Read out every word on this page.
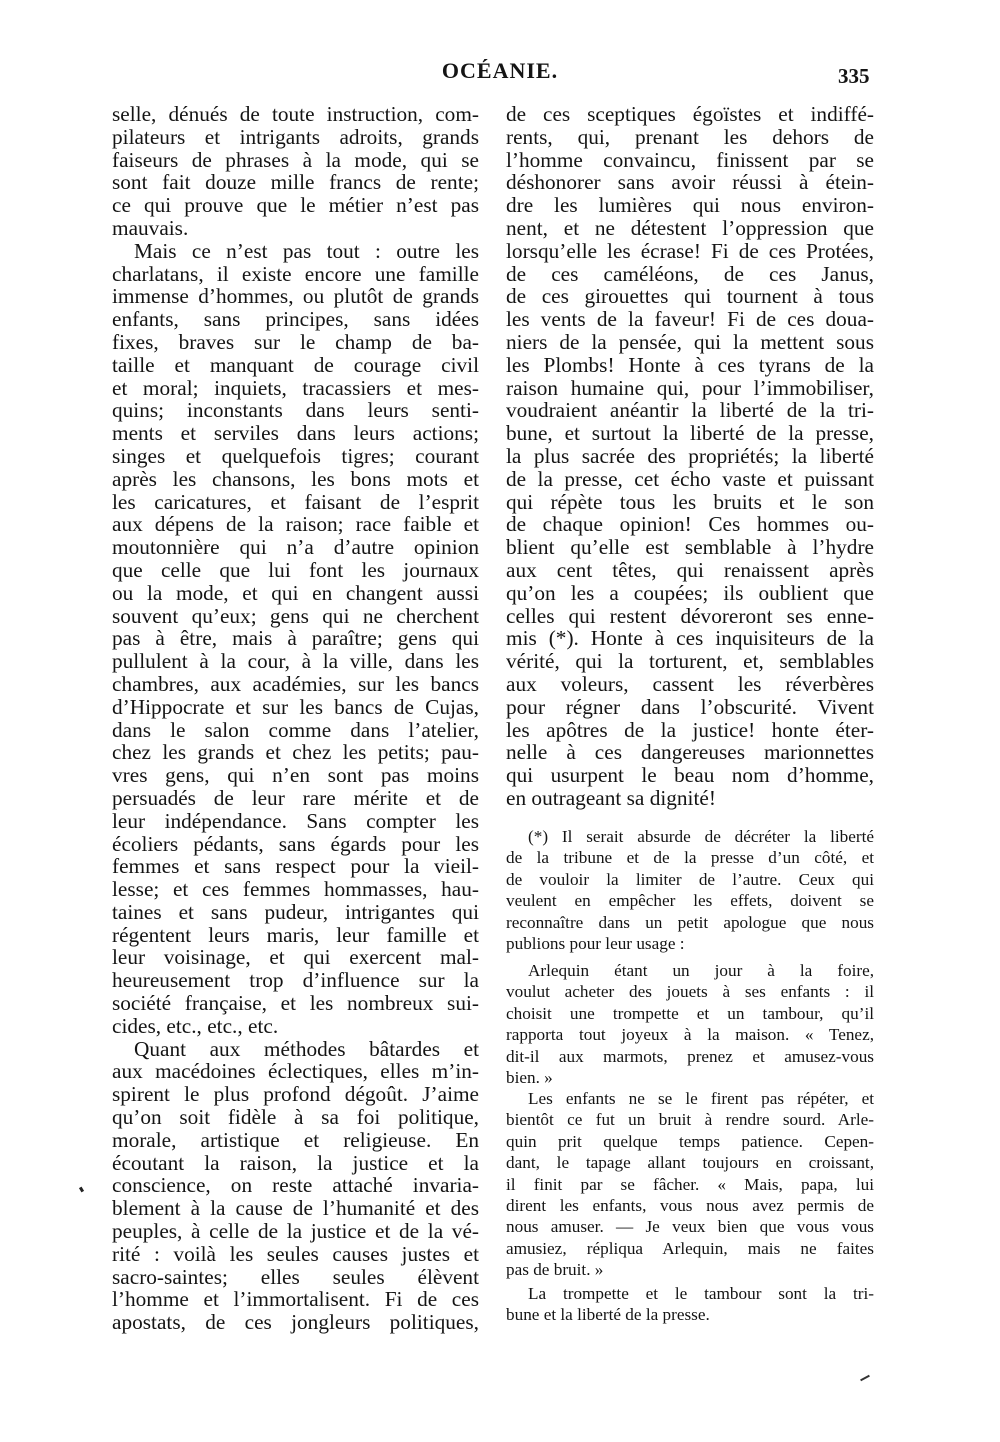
OCÉANIE.	335
selle, dénués de toute instruction, com-
pilateurs et intrigants adroits, grands
faiseurs de phrases à la mode, qui se
sont fait douze mille francs de rente;
ce qui prouve que le métier n’est pas
mauvais.
Mais ce n’est pas tout : outre les
charlatans, il existe encore une famille
immense d’hommes, ou plutôt de grands
enfants, sans principes, sans idées
fixes, braves sur le champ de ba-
taille et manquant de courage civil
et moral; inquiets, tracassiers et mes-
quins; inconstants dans leurs senti-
ments et serviles dans leurs actions;
singes et quelquefois tigres; courant
après les chansons, les bons mots et
les caricatures, et faisant de l’esprit
aux dépens de la raison; race faible et
moutonnière qui n’a d’autre opinion
que celle que lui font les journaux
ou la mode, et qui en changent aussi
souvent qu’eux; gens qui ne cherchent
pas à être, mais à paraître; gens qui
pullulent à la cour, à la ville, dans les
chambres, aux académies, sur les bancs
d’Hippocrate et sur les bancs de Cujas,
dans le salon comme dans l’atelier,
chez les grands et chez les petits; pau-
vres gens, qui n’en sont pas moins
persuadés de leur rare mérite et de
leur indépendance. Sans compter les
écoliers pédants, sans égards pour les
femmes et sans respect pour la vieil-
lesse; et ces femmes hommasses, hau-
taines et sans pudeur, intrigantes qui
régentent leurs maris, leur famille et
leur voisinage, et qui exercent mal-
heureusement trop d’influence sur la
société française, et les nombreux sui-
cides, etc., etc., etc.
Quant aux méthodes bâtardes et
aux macédoines éclectiques, elles m’in-
spirent le plus profond dégoût. J’aime
qu’on soit fidèle à sa foi politique,
morale, artistique et religieuse. En
écoutant la raison, la justice et la
conscience, on reste attaché invaria-
blement à la cause de l’humanité et des
peuples, à celle de la justice et de la vé-
rité : voilà les seules causes justes et
sacro-saintes; elles seules élèvent
l’homme et l’immortalisent. Fi de ces
apostats, de ces jongleurs politiques,
de ces sceptiques égoïstes et indiffé-
rents, qui, prenant les dehors de
l’homme convaincu, finissent par se
déshonorer sans avoir réussi à étein-
dre les lumières qui nous environ-
nent, et ne détestent l’oppression que
lorsqu’elle les écrase! Fi de ces Protées,
de ces caméléons, de ces Janus,
de ces girouettes qui tournent à tous
les vents de la faveur! Fi de ces doua-
niers de la pensée, qui la mettent sous
les Plombs! Honte à ces tyrans de la
raison humaine qui, pour l’immobiliser,
voudraient anéantir la liberté de la tri-
bune, et surtout la liberté de la presse,
la plus sacrée des propriétés; la liberté
de la presse, cet écho vaste et puissant
qui répète tous les bruits et le son
de chaque opinion! Ces hommes ou-
blient qu’elle est semblable à l’hydre
aux cent têtes, qui renaissent après
qu’on les a coupées; ils oublient que
celles qui restent dévoreront ses enne-
mis (*). Honte à ces inquisiteurs de la
vérité, qui la torturent, et, semblables
aux voleurs, cassent les réverbères
pour régner dans l’obscurité. Vivent
les apôtres de la justice! honte éter-
nelle à ces dangereuses marionnettes
qui usurpent le beau nom d’homme,
en outrageant sa dignité!
(*) Il serait absurde de décréter la liberté
de la tribune et de la presse d’un côté, et
de vouloir la limiter de l’autre. Ceux qui
veulent en empêcher les effets, doivent se
reconnaître dans un petit apologue que nous
publions pour leur usage :
Arlequin étant un jour à la foire,
voulut acheter des jouets à ses enfants : il
choisit une trompette et un tambour, qu’il
rapporta tout joyeux à la maison. « Tenez,
dit-il aux marmots, prenez et amusez-vous
bien. »
Les enfants ne se le firent pas répéter, et
bientôt ce fut un bruit à rendre sourd. Arle-
quin prit quelque temps patience. Cepen-
dant, le tapage allant toujours en croissant,
il finit par se fâcher. « Mais, papa, lui
dirent les enfants, vous nous avez permis de
nous amuser. — Je veux bien que vous vous
amusiez, répliqua Arlequin, mais ne faites
pas de bruit. »
La trompette et le tambour sont la tri-
bune et la liberté de la presse.
